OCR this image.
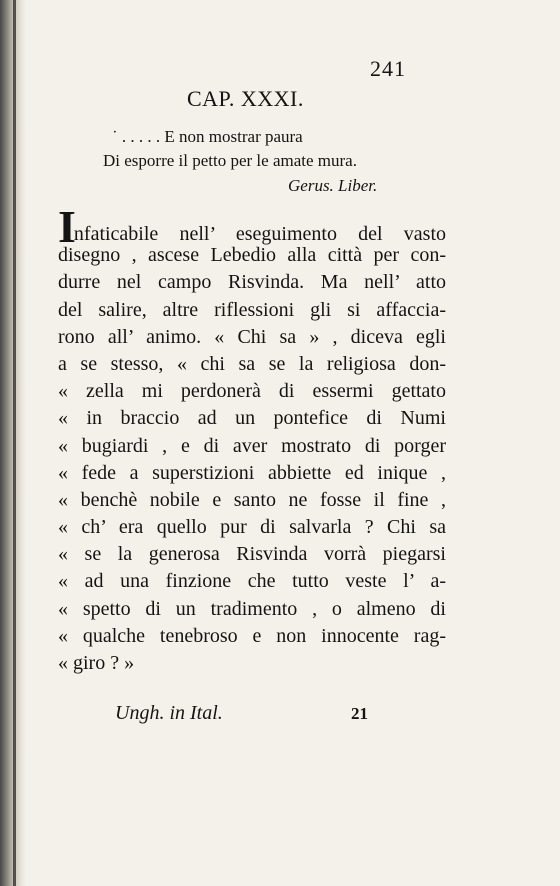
241
CAP. XXXI.
˙ . . . . . E non mostrar paura
Di esporre il petto per le amate mura.
Gerus. Liber.
Infaticabile nell’ eseguimento del vasto
disegno , ascese Lebedio alla città per con-
durre nel campo Risvinda. Ma nell’ atto
del salire, altre riflessioni gli si affaccia-
rono all’ animo. « Chi sa » , diceva egli
a se stesso, « chi sa se la religiosa don-
« zella mi perdonerà di essermi gettato
« in braccio ad un pontefice di Numi
« bugiardi , e di aver mostrato di porger
« fede a superstizioni abbiette ed inique ,
« benchè nobile e santo ne fosse il fine ,
« ch’ era quello pur di salvarla ? Chi sa
« se la generosa Risvinda vorrà piegarsi
« ad una finzione che tutto veste l’ a-
« spetto di un tradimento , o almeno di
« qualche tenebroso e non innocente rag-
« giro ? »
Ungh. in Ital.	21
